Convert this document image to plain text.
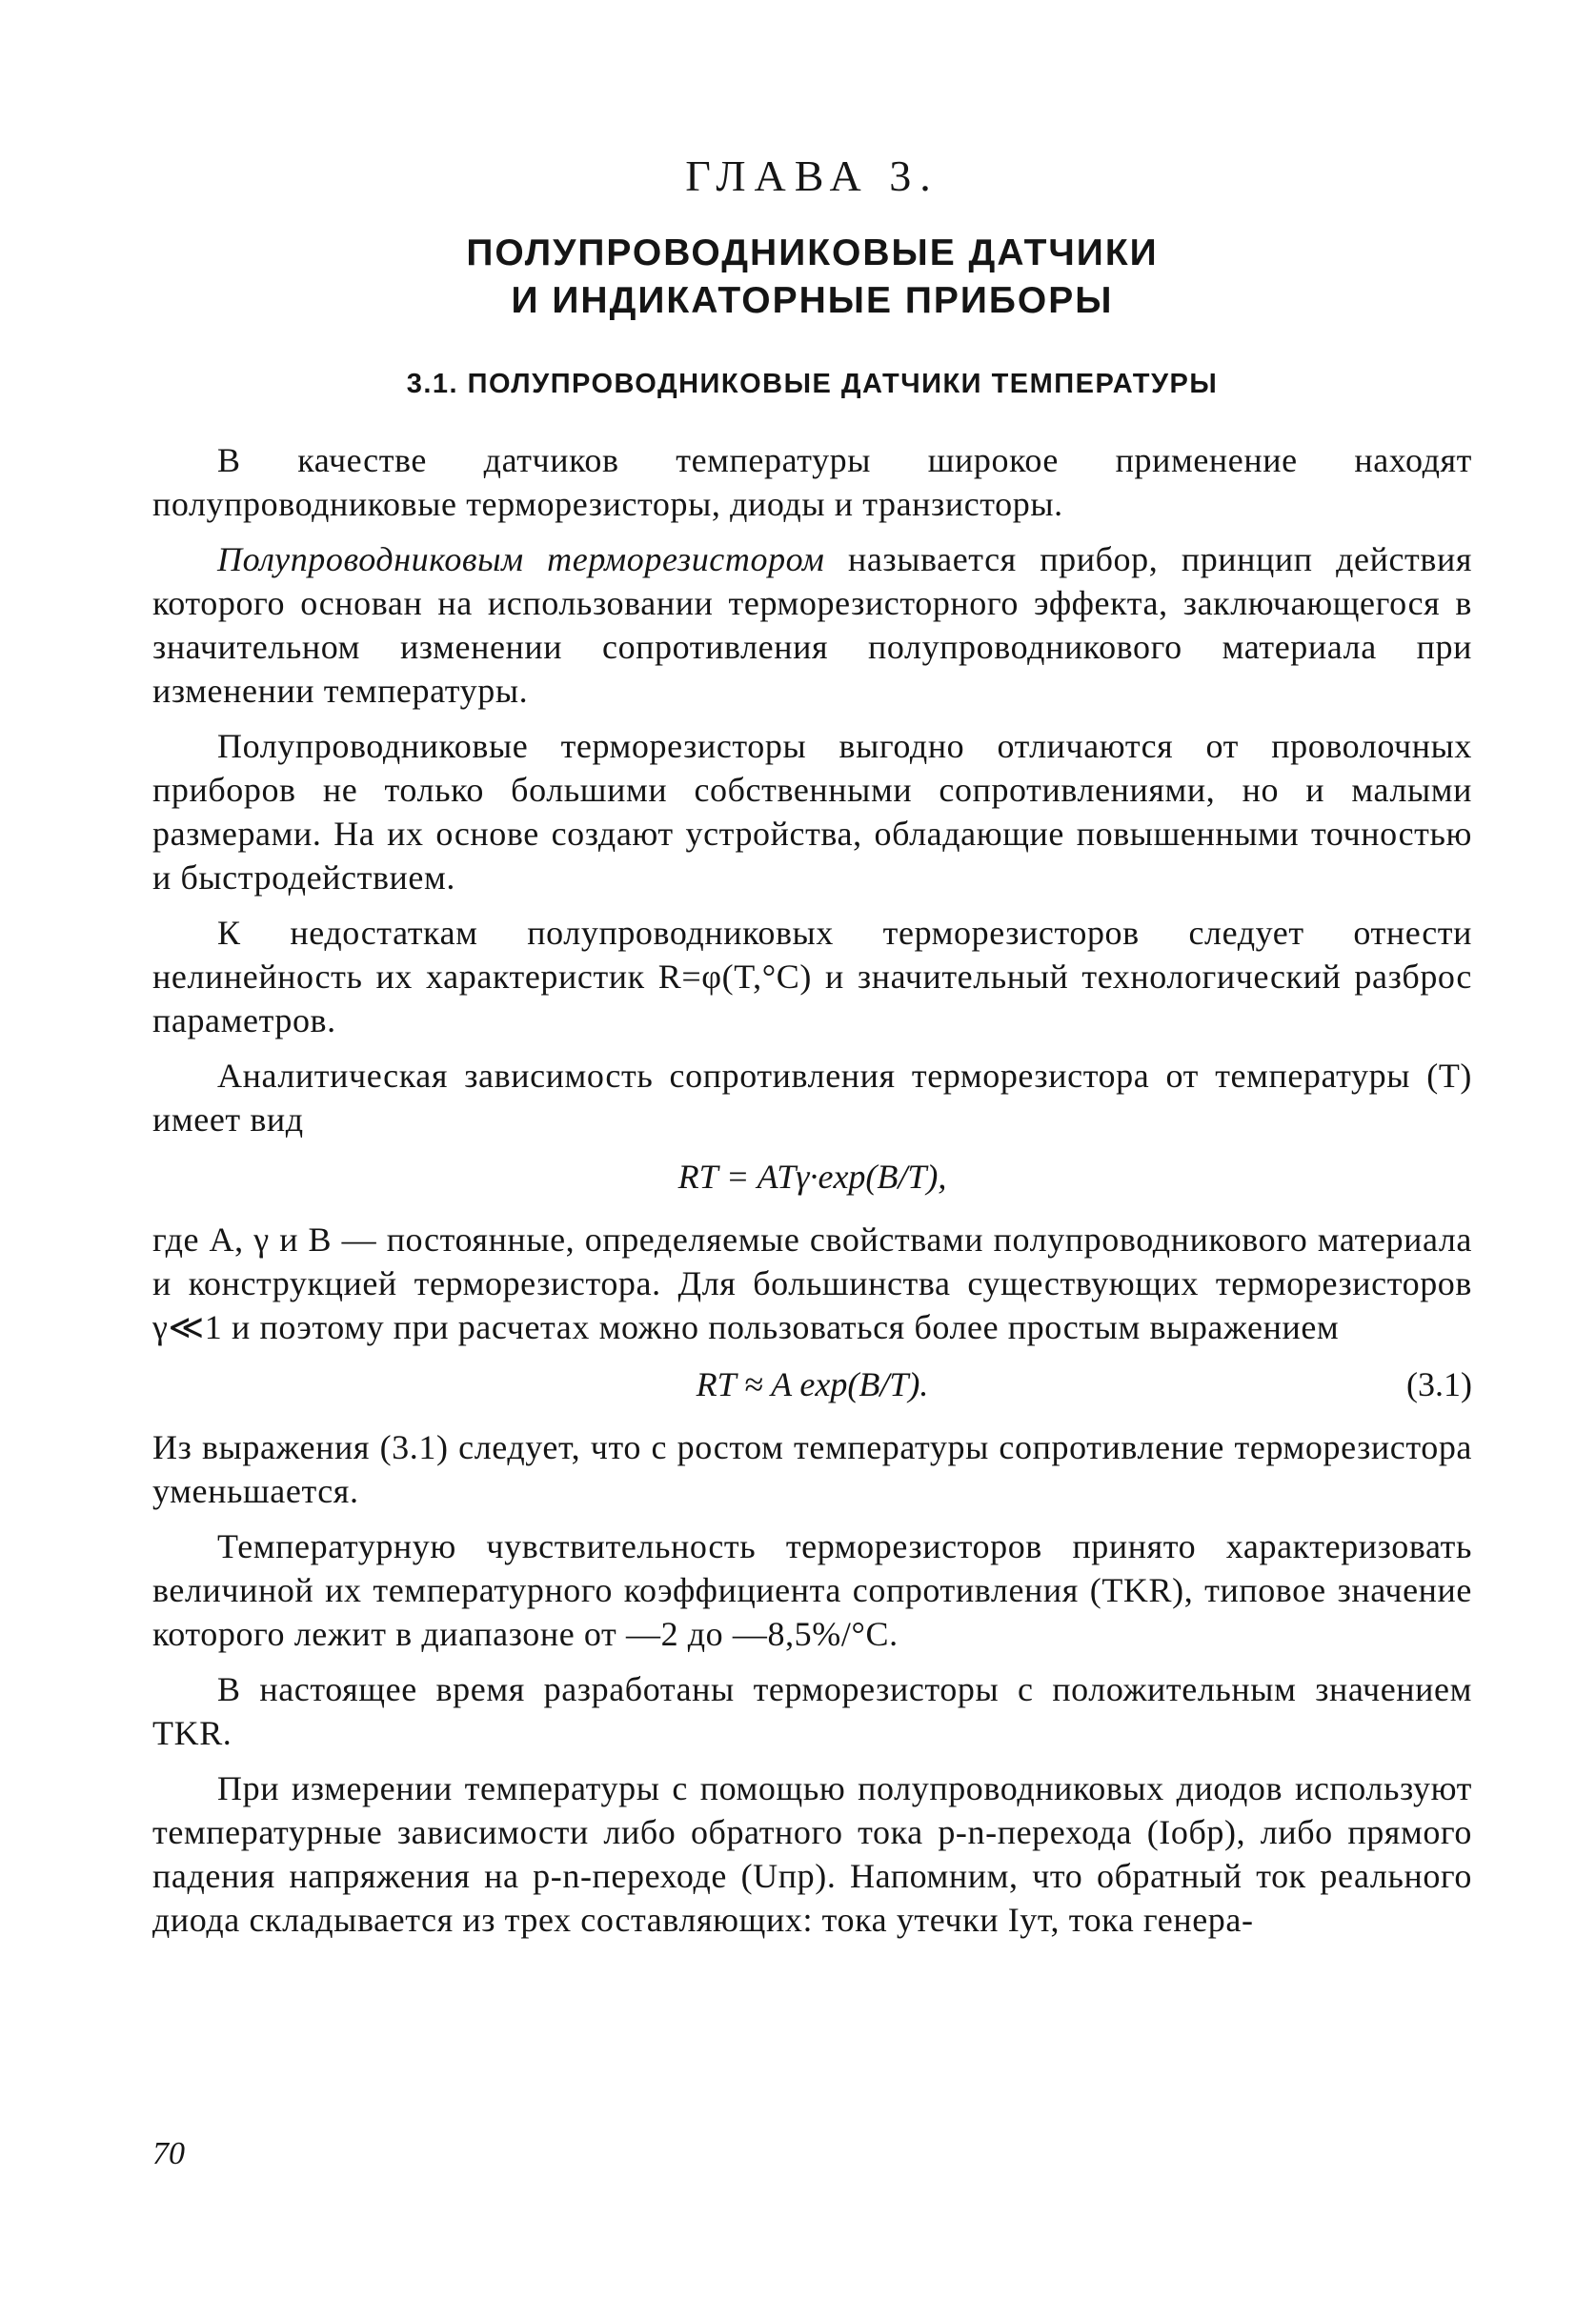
ГЛАВА 3.
ПОЛУПРОВОДНИКОВЫЕ ДАТЧИКИ
И ИНДИКАТОРНЫЕ ПРИБОРЫ
3.1. ПОЛУПРОВОДНИКОВЫЕ ДАТЧИКИ ТЕМПЕРАТУРЫ

В качестве датчиков температуры широкое применение находят полупроводниковые терморезисторы, диоды и транзисторы.

Полупроводниковым терморезистором называется прибор, принцип действия которого основан на использовании терморезисторного эффекта, заключающегося в значительном изменении сопротивления полупроводникового материала при изменении температуры.

Полупроводниковые терморезисторы выгодно отличаются от проволочных приборов не только большими собственными сопротивлениями, но и малыми размерами. На их основе создают устройства, обладающие повышенными точностью и быстродействием.

К недостаткам полупроводниковых терморезисторов следует отнести нелинейность их характеристик R=φ(T,°C) и значительный технологический разброс параметров.

Аналитическая зависимость сопротивления терморезистора от температуры (T) имеет вид

RT = ATγ·exp(B/T),

где A, γ и B — постоянные, определяемые свойствами полупроводникового материала и конструкцией терморезистора. Для большинства существующих терморезисторов γ≪1 и поэтому при расчетах можно пользоваться более простым выражением

RT ≈ A exp(B/T).	(3.1)

Из выражения (3.1) следует, что с ростом температуры сопротивление терморезистора уменьшается.

Температурную чувствительность терморезисторов принято характеризовать величиной их температурного коэффициента сопротивления (TKR), типовое значение которого лежит в диапазоне от —2 до —8,5%/°С.

В настоящее время разработаны терморезисторы с положительным значением TKR.

При измерении температуры с помощью полупроводниковых диодов используют температурные зависимости либо обратного тока p-n-перехода (Iобр), либо прямого падения напряжения на p-n-переходе (Uпр). Напомним, что обратный ток реального диода складывается из трех составляющих: тока утечки Iут, тока генера-

70
